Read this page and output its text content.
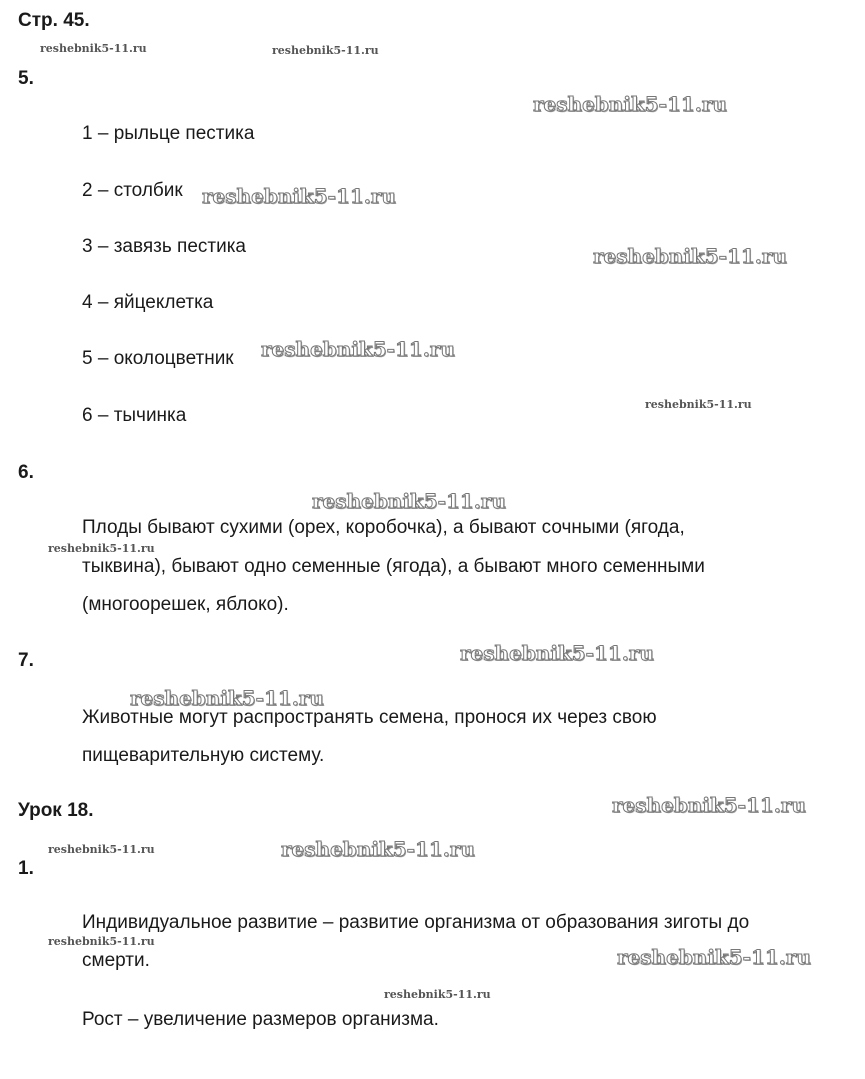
Стр. 45.
5.
1 – рыльце пестика
2 – столбик
3 – завязь пестика
4 – яйцеклетка
5 – околоцветник
6 – тычинка
6.
Плоды бывают сухими (орех, коробочка), а бывают сочными (ягода,
тыквина), бывают одно семенные (ягода), а бывают много семенными
(многоорешек, яблоко).
7.
Животные могут распространять семена, пронося их через свою
пищеварительную систему.
Урок 18.
1.
Индивидуальное развитие – развитие организма от образования зиготы до
смерти.
Рост – увеличение размеров организма.
reshebnik5-11.ru	reshebnik5-11.ru
reshebnik5-11.ru
reshebnik5-11.ru
reshebnik5-11.ru
reshebnik5-11.ru
reshebnik5-11.ru
reshebnik5-11.ru
reshebnik5-11.ru
reshebnik5-11.ru
reshebnik5-11.ru
reshebnik5-11.ru
reshebnik5-11.ru
reshebnik5-11.ru
reshebnik5-11.ru
reshebnik5-11.ru
reshebnik5-11.ru
